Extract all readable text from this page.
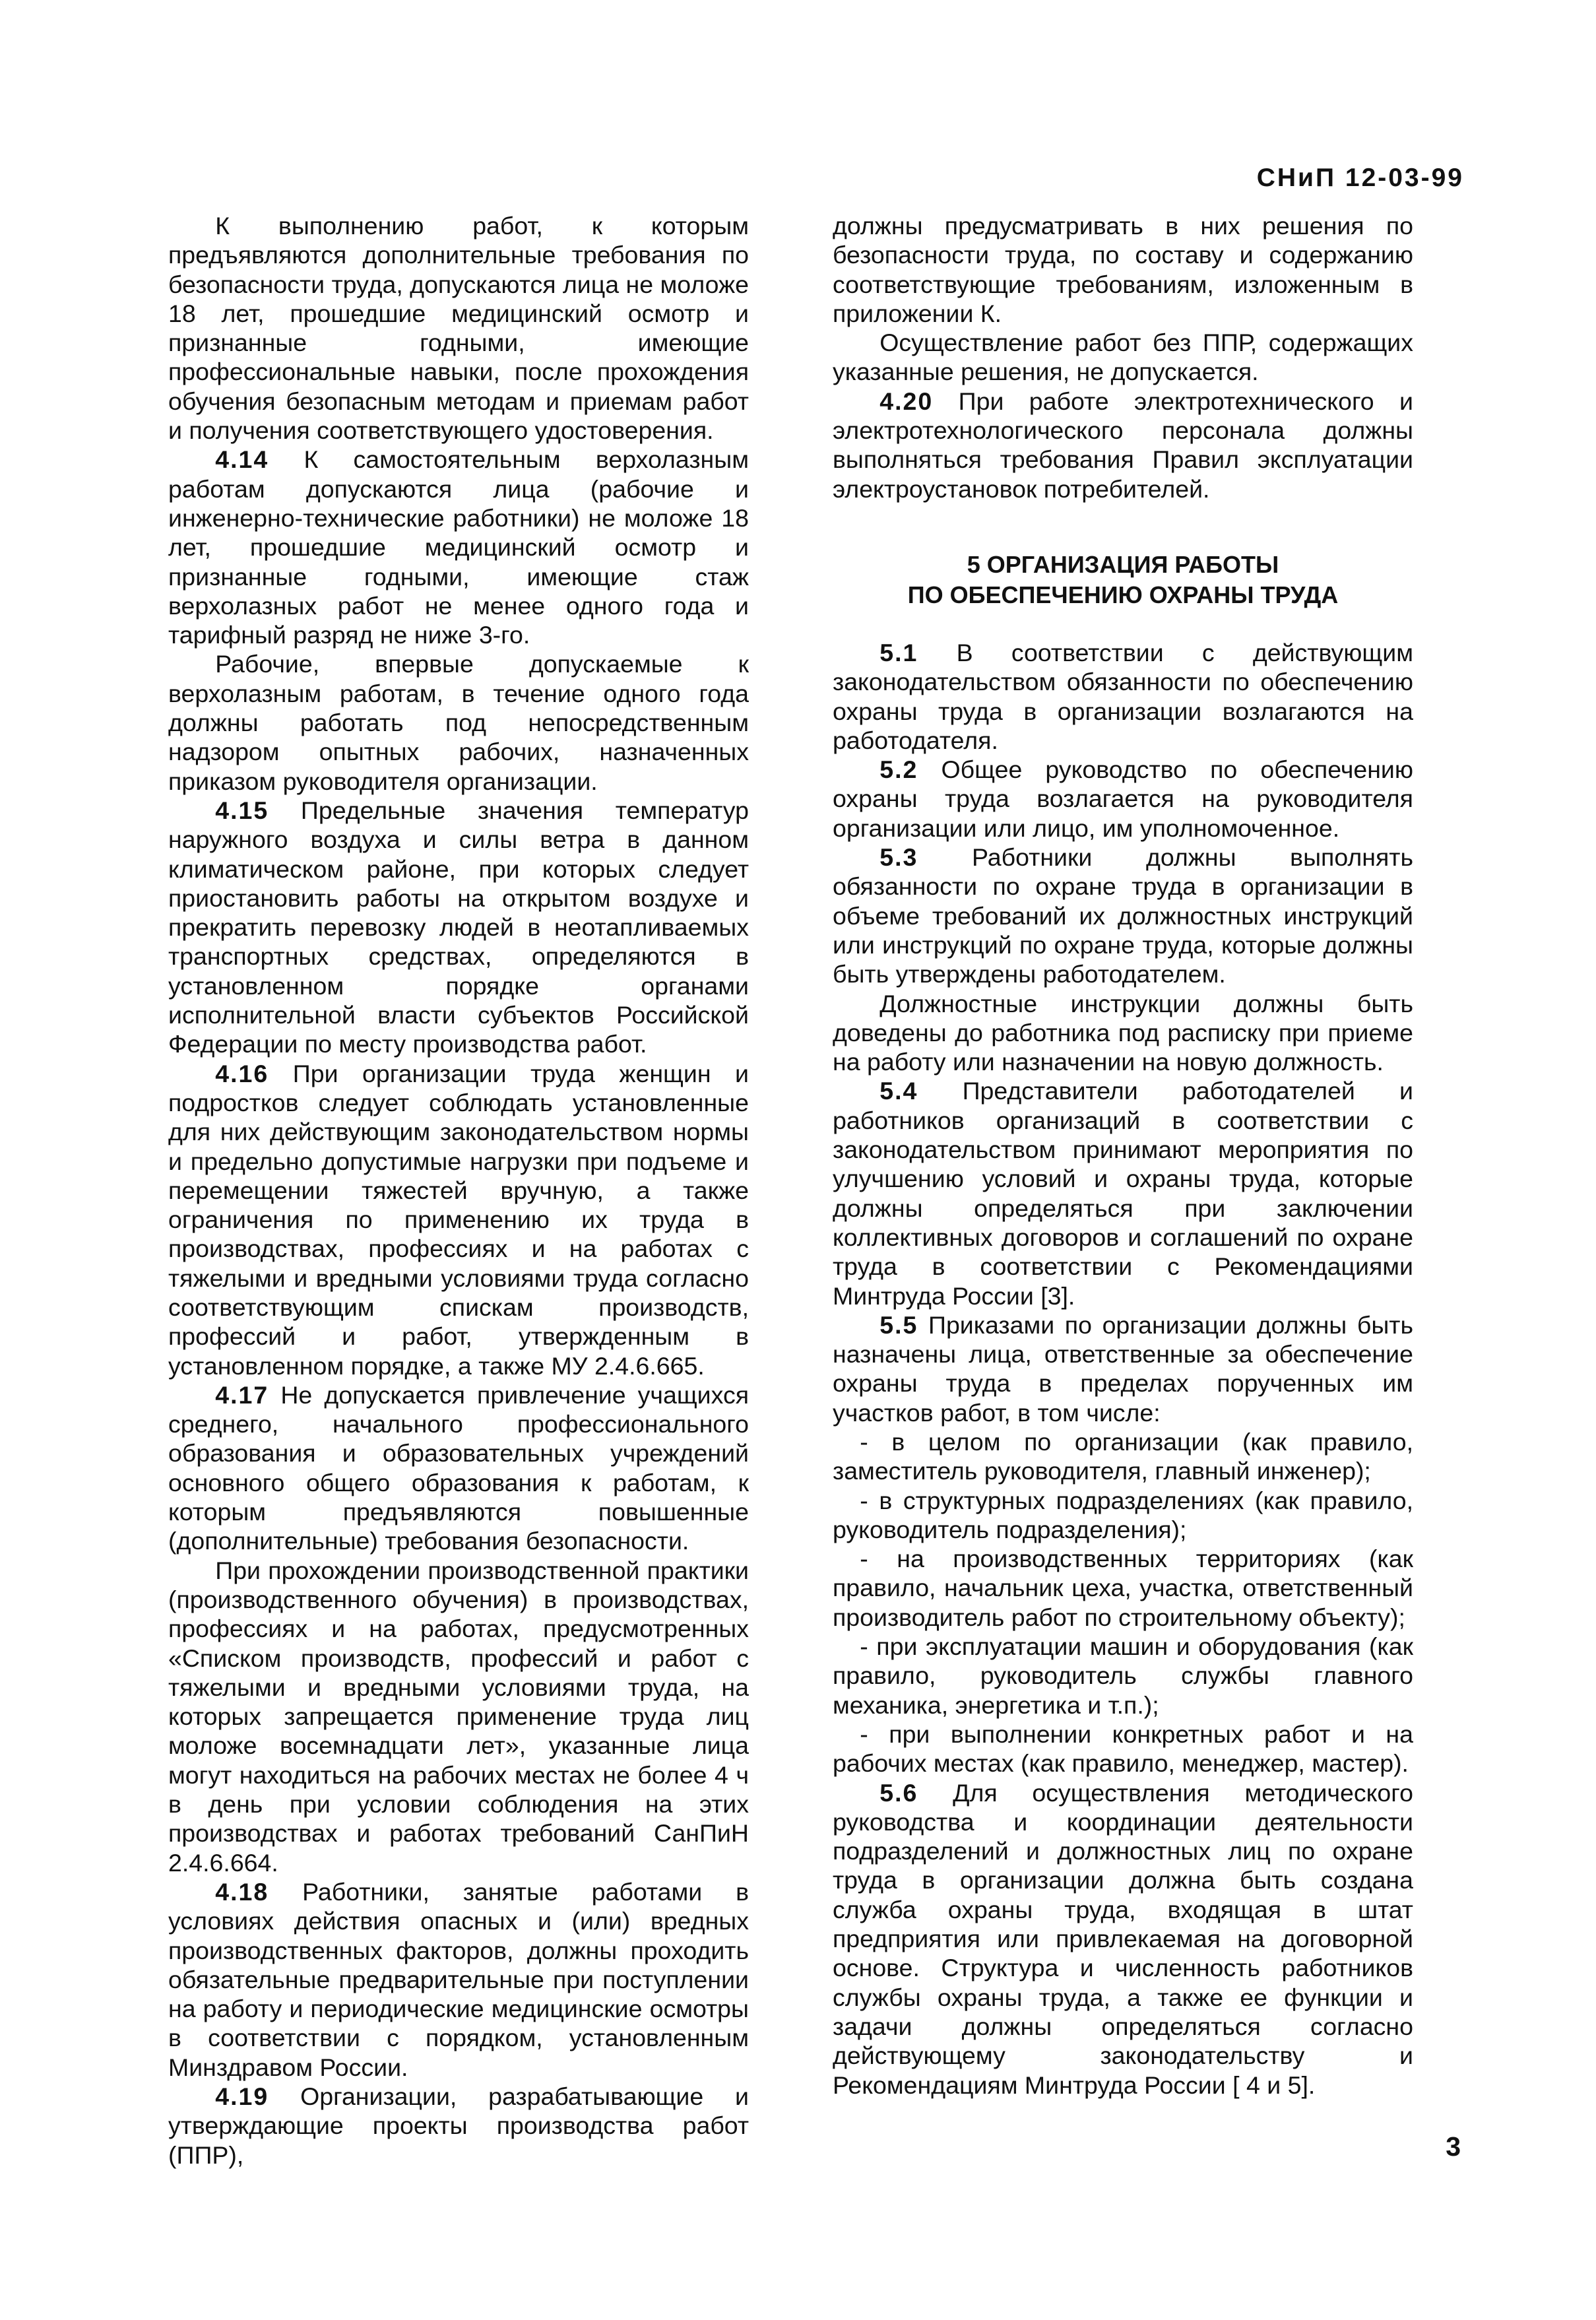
СНиП 12-03-99

К выполнению работ, к которым предъявляются дополнительные требования по безопасности труда, допускаются лица не моложе 18 лет, прошедшие медицинский осмотр и признанные годными, имеющие профессиональные навыки, после прохождения обучения безопасным методам и приемам работ и получения соответствующего удостоверения.

4.14 К самостоятельным верхолазным работам допускаются лица (рабочие и инженерно-технические работники) не моложе 18 лет, прошедшие медицинский осмотр и признанные годными, имеющие стаж верхолазных работ не менее одного года и тарифный разряд не ниже 3-го.

Рабочие, впервые допускаемые к верхолазным работам, в течение одного года должны работать под непосредственным надзором опытных рабочих, назначенных приказом руководителя организации.

4.15 Предельные значения температур наружного воздуха и силы ветра в данном климатическом районе, при которых следует приостановить работы на открытом воздухе и прекратить перевозку людей в неотапливаемых транспортных средствах, определяются в установленном порядке органами исполнительной власти субъектов Российской Федерации по месту производства работ.

4.16 При организации труда женщин и подростков следует соблюдать установленные для них действующим законодательством нормы и предельно допустимые нагрузки при подъеме и перемещении тяжестей вручную, а также ограничения по применению их труда в производствах, профессиях и на работах с тяжелыми и вредными условиями труда согласно соответствующим спискам производств, профессий и работ, утвержденным в установленном порядке, а также МУ 2.4.6.665.

4.17 Не допускается привлечение учащихся среднего, начального профессионального образования и образовательных учреждений основного общего образования к работам, к которым предъявляются повышенные (дополнительные) требования безопасности.

При прохождении производственной практики (производственного обучения) в производствах, профессиях и на работах, предусмотренных «Списком производств, профессий и работ с тяжелыми и вредными условиями труда, на которых запрещается применение труда лиц моложе восемнадцати лет», указанные лица могут находиться на рабочих местах не более 4 ч в день при условии соблюдения на этих производствах и работах требований СанПиН 2.4.6.664.

4.18 Работники, занятые работами в условиях действия опасных и (или) вредных производственных факторов, должны проходить обязательные предварительные при поступлении на работу и периодические медицинские осмотры в соответствии с порядком, установленным Минздравом России.

4.19 Организации, разрабатывающие и утверждающие проекты производства работ (ППР),

должны предусматривать в них решения по безопасности труда, по составу и содержанию соответствующие требованиям, изложенным в приложении К.

Осуществление работ без ППР, содержащих указанные решения, не допускается.

4.20 При работе электротехнического и электротехнологического персонала должны выполняться требования Правил эксплуатации электроустановок потребителей.

5 ОРГАНИЗАЦИЯ РАБОТЫ
ПО ОБЕСПЕЧЕНИЮ ОХРАНЫ ТРУДА

5.1 В соответствии с действующим законодательством обязанности по обеспечению охраны труда в организации возлагаются на работодателя.

5.2 Общее руководство по обеспечению охраны труда возлагается на руководителя организации или лицо, им уполномоченное.

5.3 Работники должны выполнять обязанности по охране труда в организации в объеме требований их должностных инструкций или инструкций по охране труда, которые должны быть утверждены работодателем.

Должностные инструкции должны быть доведены до работника под расписку при приеме на работу или назначении на новую должность.

5.4 Представители работодателей и работников организаций в соответствии с законодательством принимают мероприятия по улучшению условий и охраны труда, которые должны определяться при заключении коллективных договоров и соглашений по охране труда в соответствии с Рекомендациями Минтруда России [3].

5.5 Приказами по организации должны быть назначены лица, ответственные за обеспечение охраны труда в пределах порученных им участков работ, в том числе:

- в целом по организации (как правило, заместитель руководителя, главный инженер);

- в структурных подразделениях (как правило, руководитель подразделения);

- на производственных территориях (как правило, начальник цеха, участка, ответственный производитель работ по строительному объекту);

- при эксплуатации машин и оборудования (как правило, руководитель службы главного механика, энергетика и т.п.);

- при выполнении конкретных работ и на рабочих местах (как правило, менеджер, мастер).

5.6 Для осуществления методического руководства и координации деятельности подразделений и должностных лиц по охране труда в организации должна быть создана служба охраны труда, входящая в штат предприятия или привлекаемая на договорной основе. Структура и численность работников службы охраны труда, а также ее функции и задачи должны определяться согласно действующему законодательству и Рекомендациям Минтруда России [ 4 и 5].

3
